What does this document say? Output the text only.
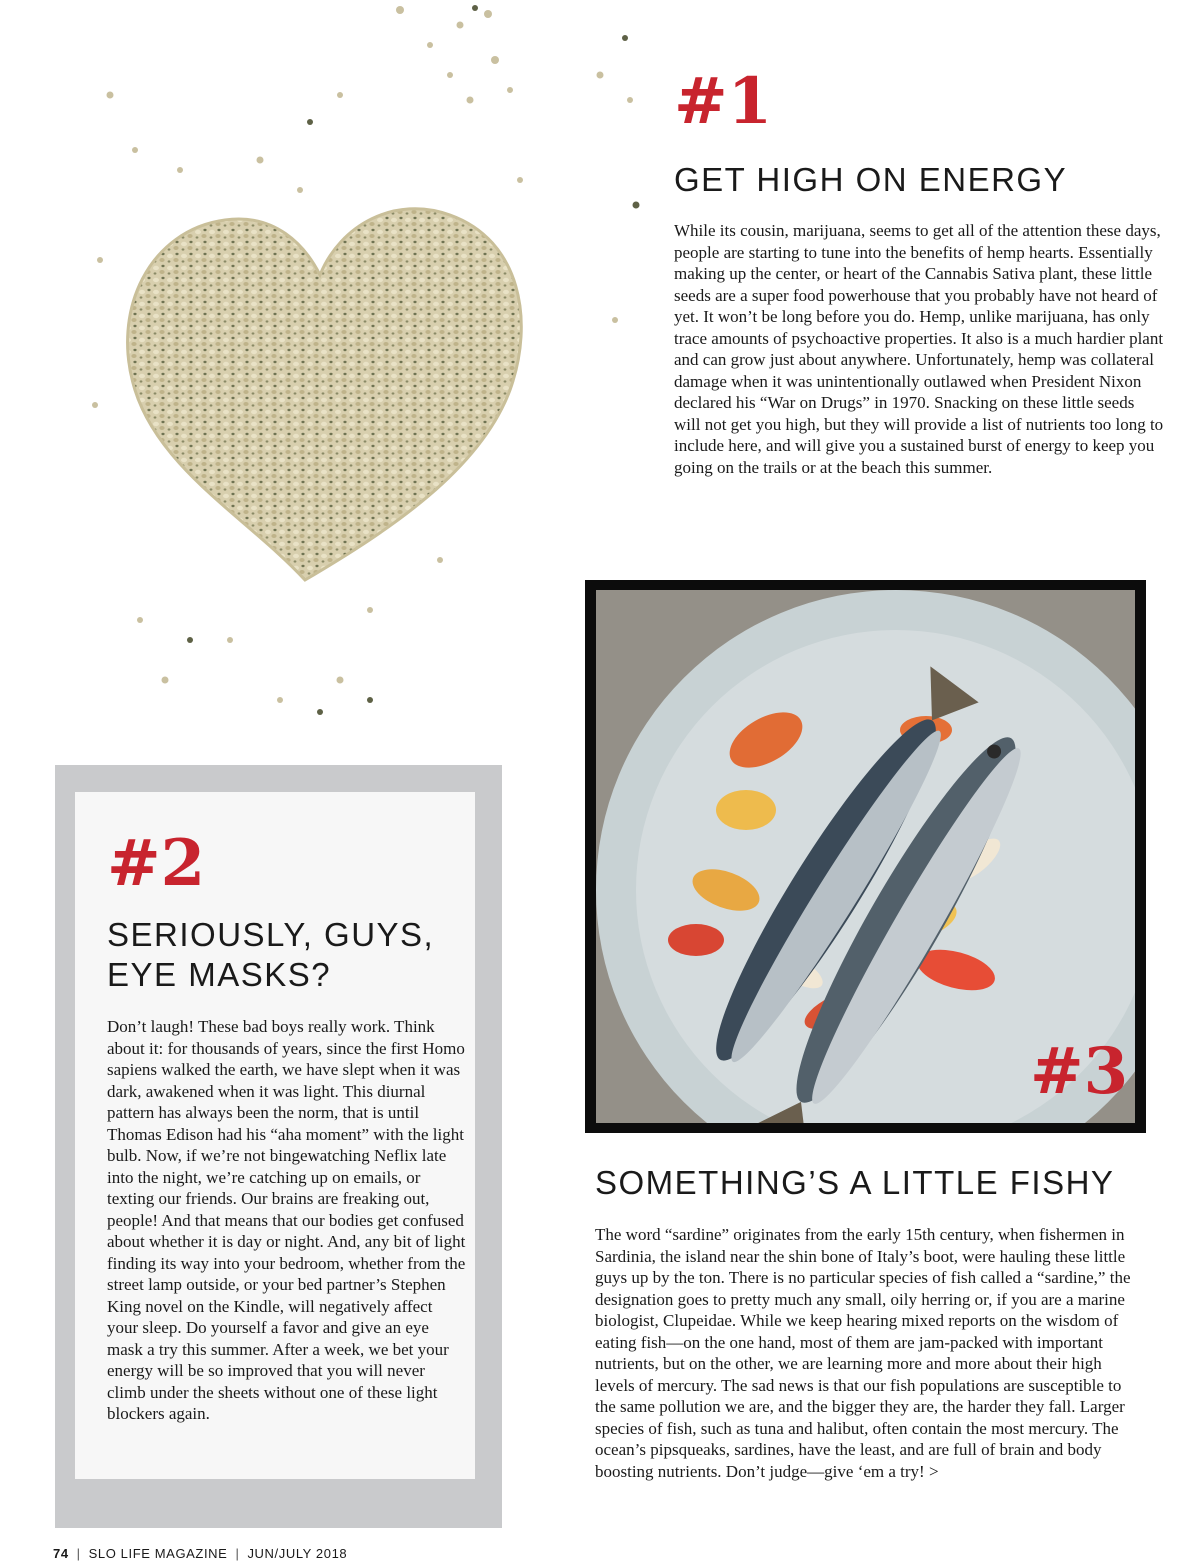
#1
GET HIGH ON ENERGY

While its cousin, marijuana, seems to get all of the attention these days, people are starting to tune into the benefits of hemp hearts. Essentially making up the center, or heart of the Cannabis Sativa plant, these little seeds are a super food powerhouse that you probably have not heard of yet. It won’t be long before you do. Hemp, unlike marijuana, has only trace amounts of psychoactive properties. It also is a much hardier plant and can grow just about anywhere. Unfortunately, hemp was collateral damage when it was unintentionally outlawed when President Nixon declared his “War on Drugs” in 1970. Snacking on these little seeds will not get you high, but they will provide a list of nutrients too long to include here, and will give you a sustained burst of energy to keep you going on the trails or at the beach this summer.

#2
SERIOUSLY, GUYS,
EYE MASKS?

Don’t laugh! These bad boys really work. Think about it: for thousands of years, since the first Homo sapiens walked the earth, we have slept when it was dark, awakened when it was light. This diurnal pattern has always been the norm, that is until Thomas Edison had his “aha moment” with the light bulb. Now, if we’re not bingewatching Neflix late into the night, we’re catching up on emails, or texting our friends. Our brains are freaking out, people! And that means that our bodies get confused about whether it is day or night. And, any bit of light finding its way into your bedroom, whether from the street lamp outside, or your bed partner’s Stephen King novel on the Kindle, will negatively affect your sleep. Do yourself a favor and give an eye mask a try this summer. After a week, we bet your energy will be so improved that you will never climb under the sheets without one of these light blockers again.

#3
SOMETHING’S A LITTLE FISHY

The word “sardine” originates from the early 15th century, when fishermen in Sardinia, the island near the shin bone of Italy’s boot, were hauling these little guys up by the ton. There is no particular species of fish called a “sardine,” the designation goes to pretty much any small, oily herring or, if you are a marine biologist, Clupeidae. While we keep hearing mixed reports on the wisdom of eating fish—on the one hand, most of them are jam-packed with important nutrients, but on the other, we are learning more and more about their high levels of mercury. The sad news is that our fish populations are susceptible to the same pollution we are, and the bigger they are, the harder they fall. Larger species of fish, such as tuna and halibut, often contain the most mercury. The ocean’s pipsqueaks, sardines, have the least, and are full of brain and body boosting nutrients. Don’t judge—give ‘em a try! >

74 | SLO LIFE MAGAZINE | JUN/JULY 2018
